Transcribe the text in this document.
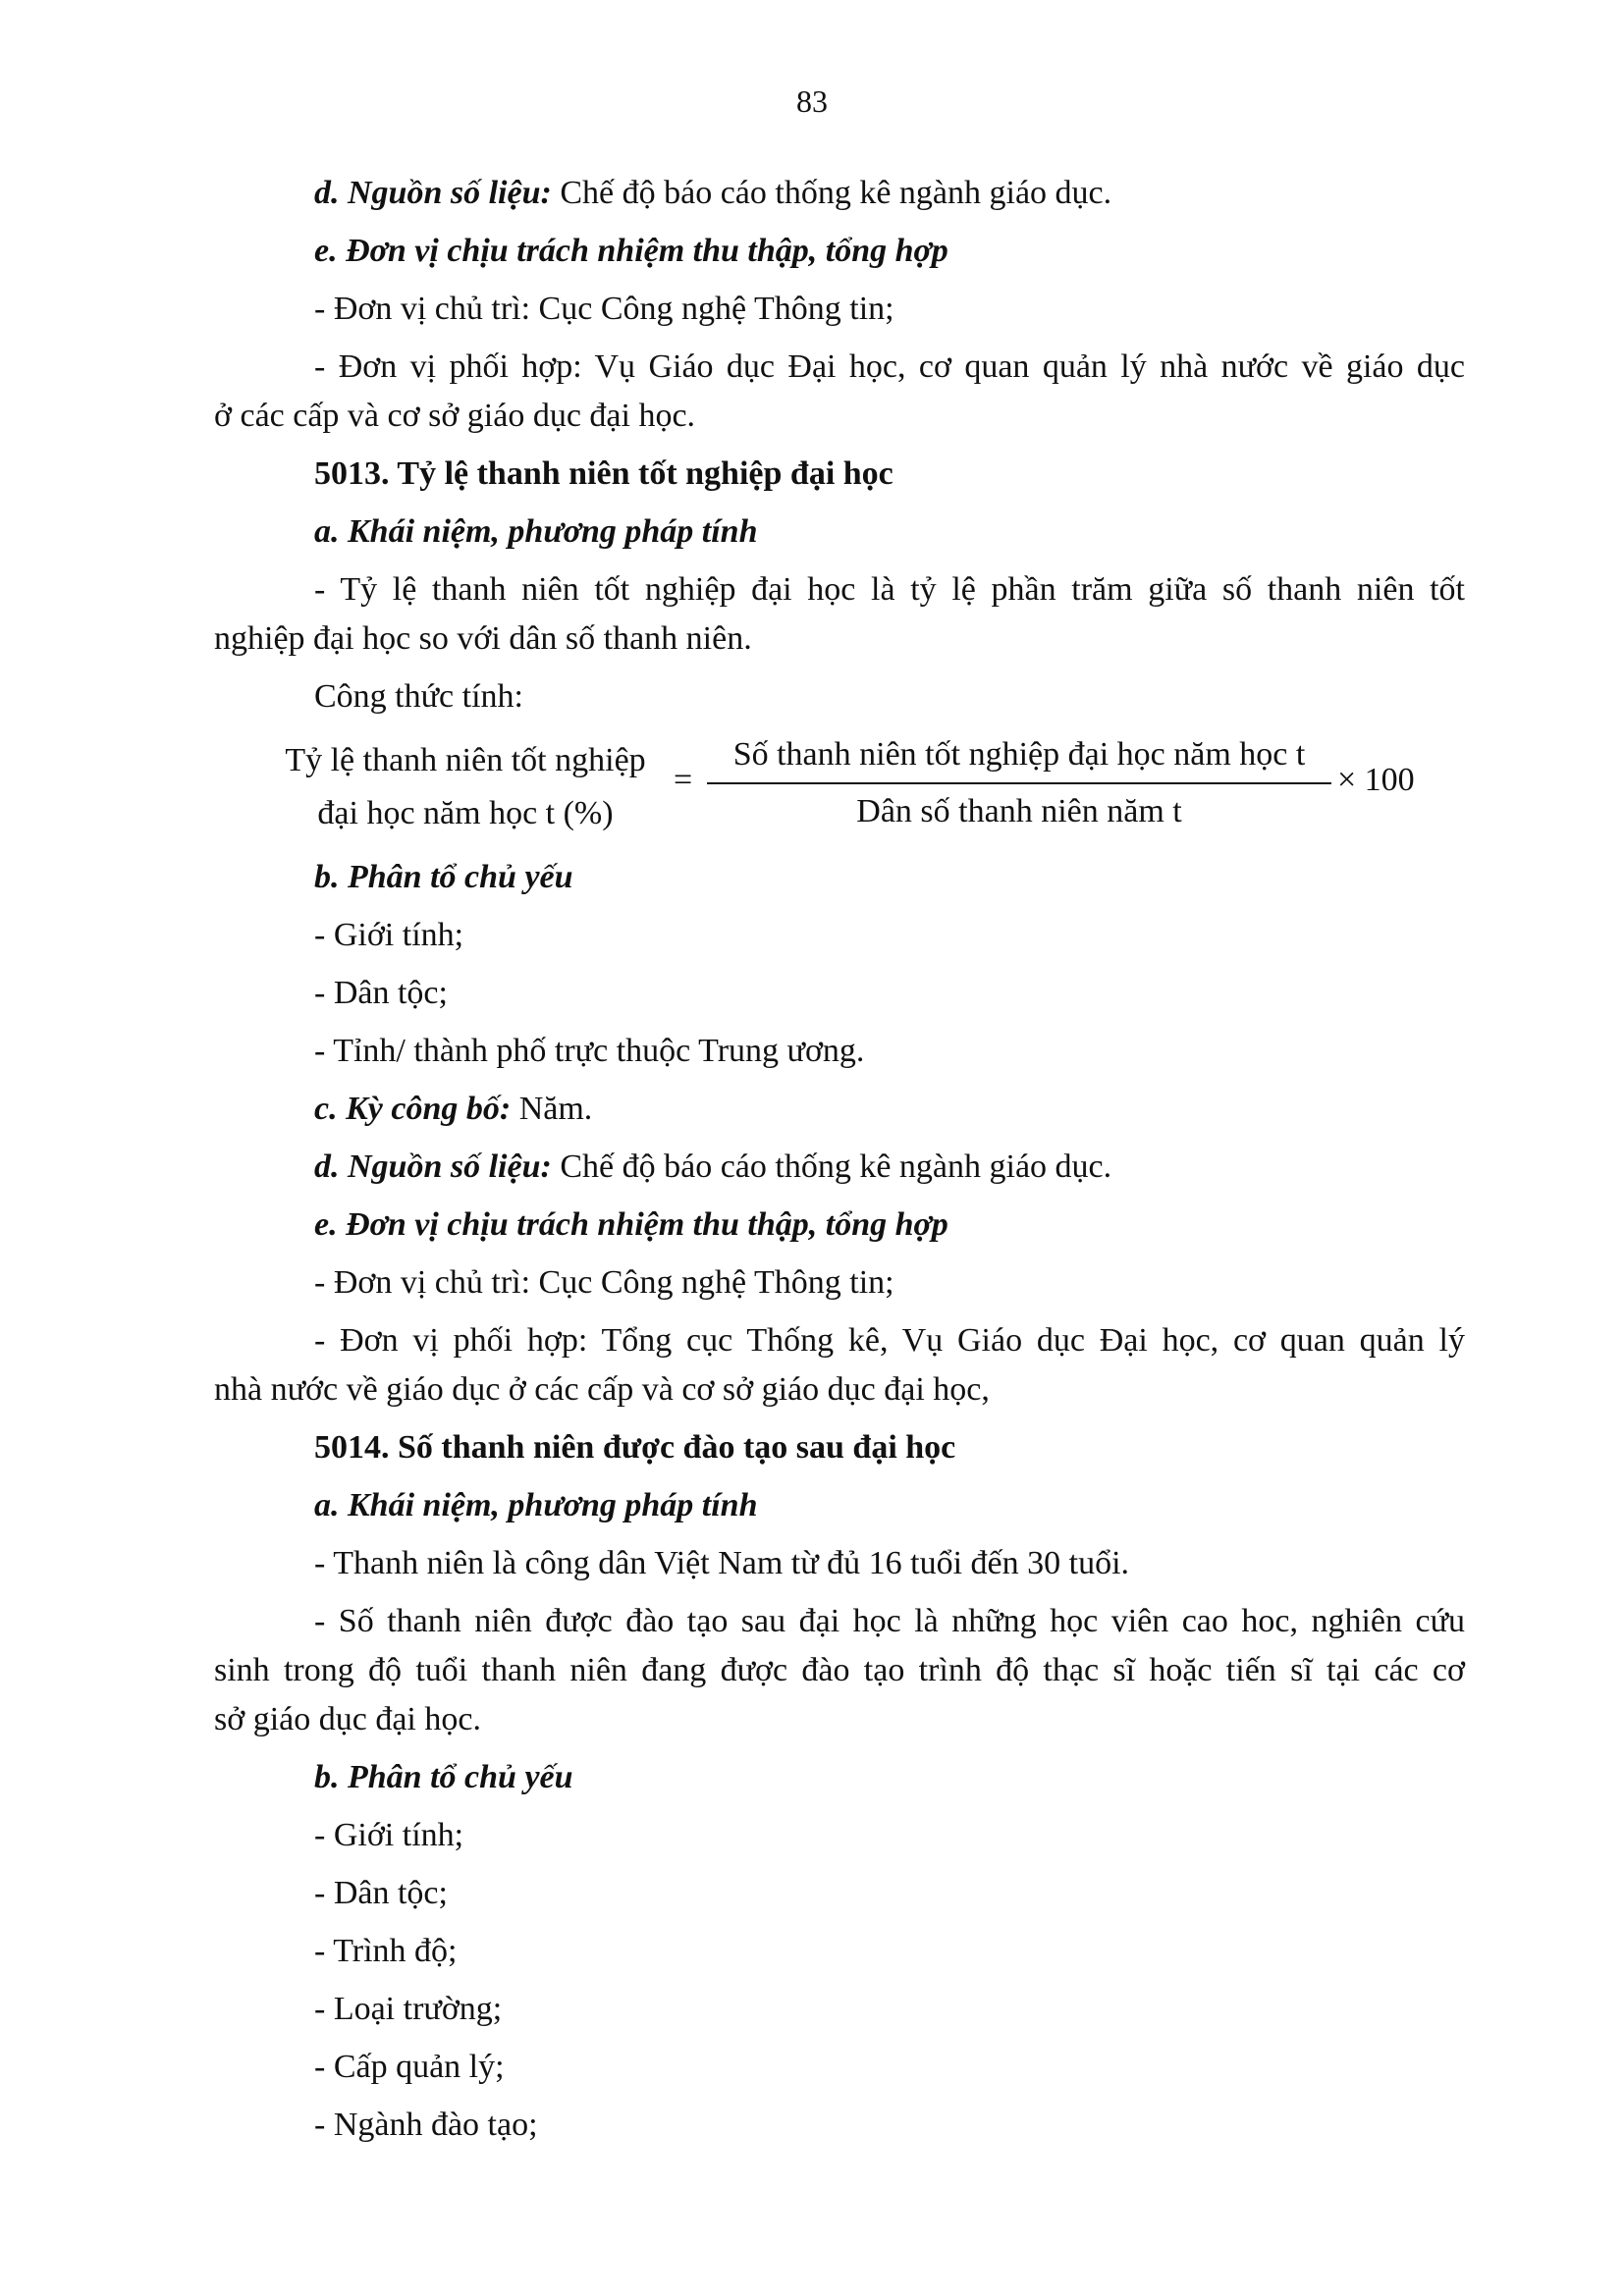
83
d. Nguồn số liệu: Chế độ báo cáo thống kê ngành giáo dục.
e. Đơn vị chịu trách nhiệm thu thập, tổng hợp
- Đơn vị chủ trì: Cục Công nghệ Thông tin;
- Đơn vị phối hợp: Vụ Giáo dục Đại học, cơ quan quản lý nhà nước về giáo dục
ở các cấp và cơ sở giáo dục đại học.
5013. Tỷ lệ thanh niên tốt nghiệp đại học
a. Khái niệm, phương pháp tính
- Tỷ lệ thanh niên tốt nghiệp đại học là tỷ lệ phần trăm giữa số thanh niên tốt
nghiệp đại học so với dân số thanh niên.
Công thức tính:
Tỷ lệ thanh niên tốt nghiệp
đại học năm học t (%)
=
Số thanh niên tốt nghiệp đại học năm học t
Dân số thanh niên năm t
× 100
b. Phân tổ chủ yếu
- Giới tính;
- Dân tộc;
- Tỉnh/ thành phố trực thuộc Trung ương.
c. Kỳ công bố: Năm.
d. Nguồn số liệu: Chế độ báo cáo thống kê ngành giáo dục.
e. Đơn vị chịu trách nhiệm thu thập, tổng hợp
- Đơn vị chủ trì: Cục Công nghệ Thông tin;
- Đơn vị phối hợp: Tổng cục Thống kê, Vụ Giáo dục Đại học, cơ quan quản lý
nhà nước về giáo dục ở các cấp và cơ sở giáo dục đại học,
5014. Số thanh niên được đào tạo sau đại học
a. Khái niệm, phương pháp tính
- Thanh niên là công dân Việt Nam từ đủ 16 tuổi đến 30 tuổi.
- Số thanh niên được đào tạo sau đại học là những học viên cao hoc, nghiên cứu
sinh trong độ tuổi thanh niên đang được đào tạo trình độ thạc sĩ hoặc tiến sĩ tại các cơ
sở giáo dục đại học.
b. Phân tổ chủ yếu
- Giới tính;
- Dân tộc;
- Trình độ;
- Loại trường;
- Cấp quản lý;
- Ngành đào tạo;
